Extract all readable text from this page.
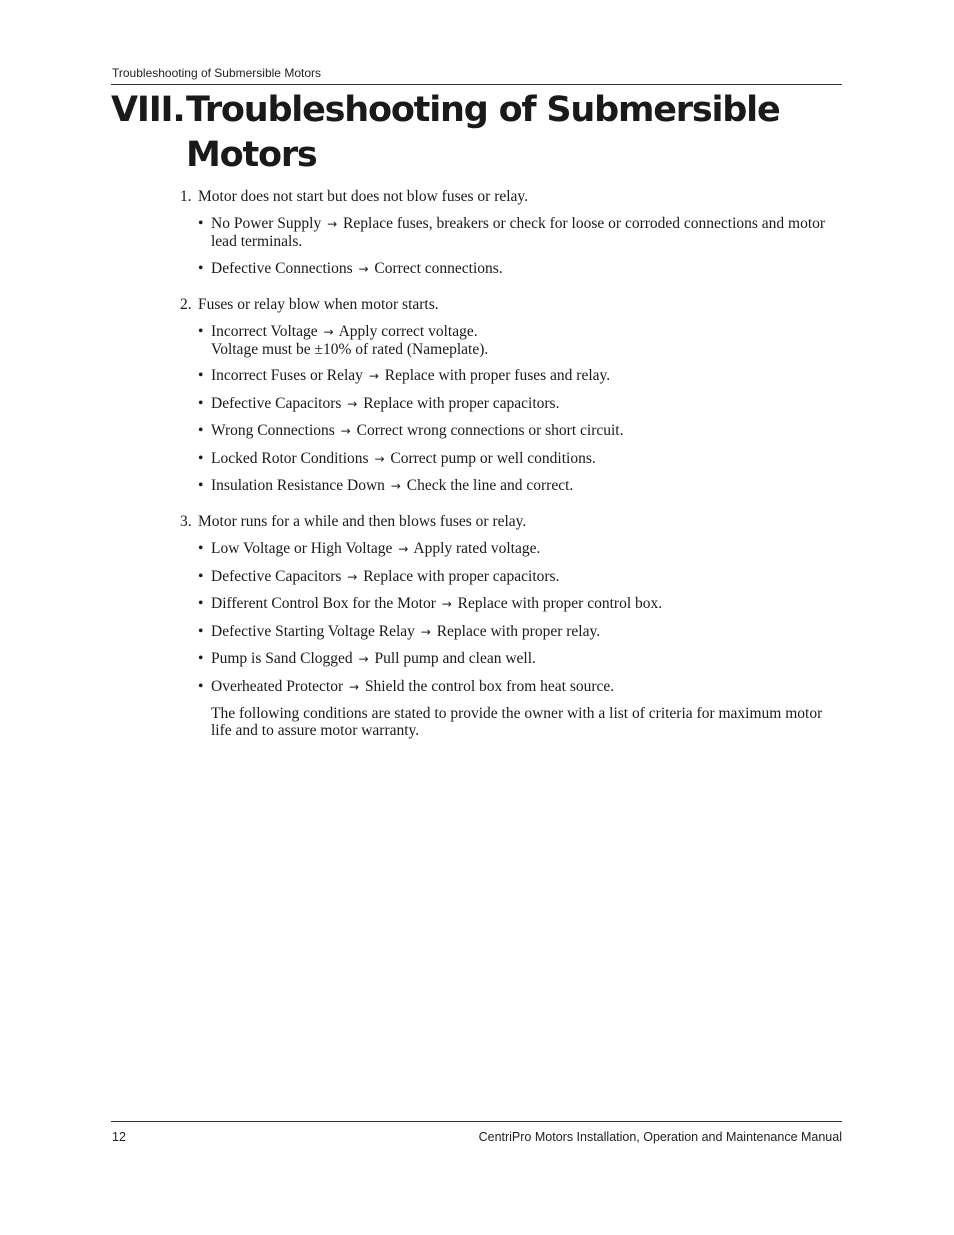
Troubleshooting of Submersible Motors
VIII. Troubleshooting of Submersible
Motors
1. Motor does not start but does not blow fuses or relay.
• No Power Supply → Replace fuses, breakers or check for loose or corroded connections and motor lead terminals.
• Defective Connections → Correct connections.
2. Fuses or relay blow when motor starts.
• Incorrect Voltage → Apply correct voltage.
Voltage must be ±10% of rated (Nameplate).
• Incorrect Fuses or Relay → Replace with proper fuses and relay.
• Defective Capacitors → Replace with proper capacitors.
• Wrong Connections → Correct wrong connections or short circuit.
• Locked Rotor Conditions → Correct pump or well conditions.
• Insulation Resistance Down → Check the line and correct.
3. Motor runs for a while and then blows fuses or relay.
• Low Voltage or High Voltage → Apply rated voltage.
• Defective Capacitors → Replace with proper capacitors.
• Different Control Box for the Motor → Replace with proper control box.
• Defective Starting Voltage Relay → Replace with proper relay.
• Pump is Sand Clogged → Pull pump and clean well.
• Overheated Protector → Shield the control box from heat source.
The following conditions are stated to provide the owner with a list of criteria for maximum motor life and to assure motor warranty.
12	CentriPro Motors Installation, Operation and Maintenance Manual
